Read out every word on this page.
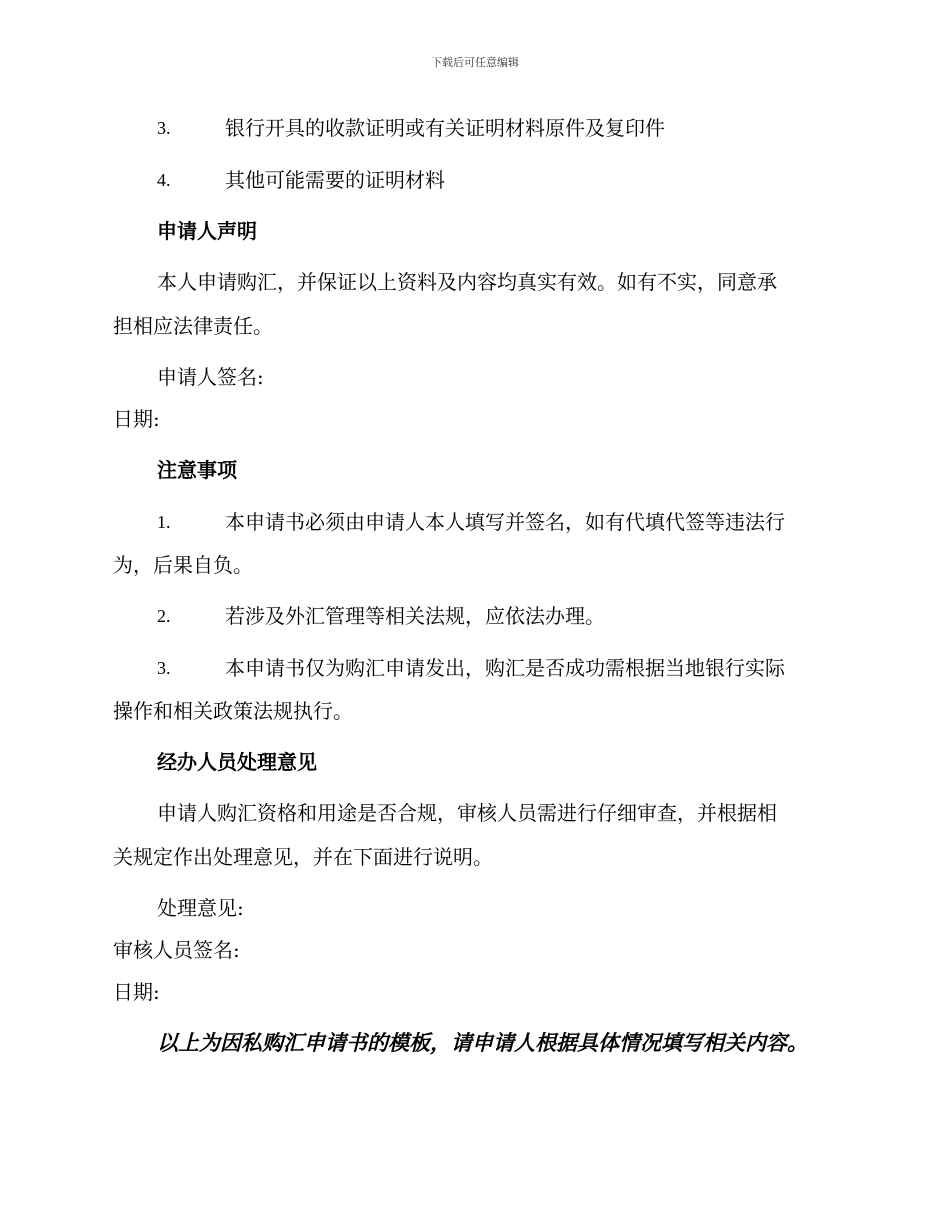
下载后可任意编辑
3.	银行开具的收款证明或有关证明材料原件及复印件
4.	其他可能需要的证明材料
申请人声明
本人申请购汇，并保证以上资料及内容均真实有效。如有不实，同意承
担相应法律责任。
申请人签名:
日期:
注意事项
1.	本申请书必须由申请人本人填写并签名，如有代填代签等违法行
为，后果自负。
2.	若涉及外汇管理等相关法规，应依法办理。
3.	本申请书仅为购汇申请发出，购汇是否成功需根据当地银行实际
操作和相关政策法规执行。
经办人员处理意见
申请人购汇资格和用途是否合规，审核人员需进行仔细审查，并根据相
关规定作出处理意见，并在下面进行说明。
处理意见:
审核人员签名:
日期:
以上为因私购汇申请书的模板，请申请人根据具体情况填写相关内容。
